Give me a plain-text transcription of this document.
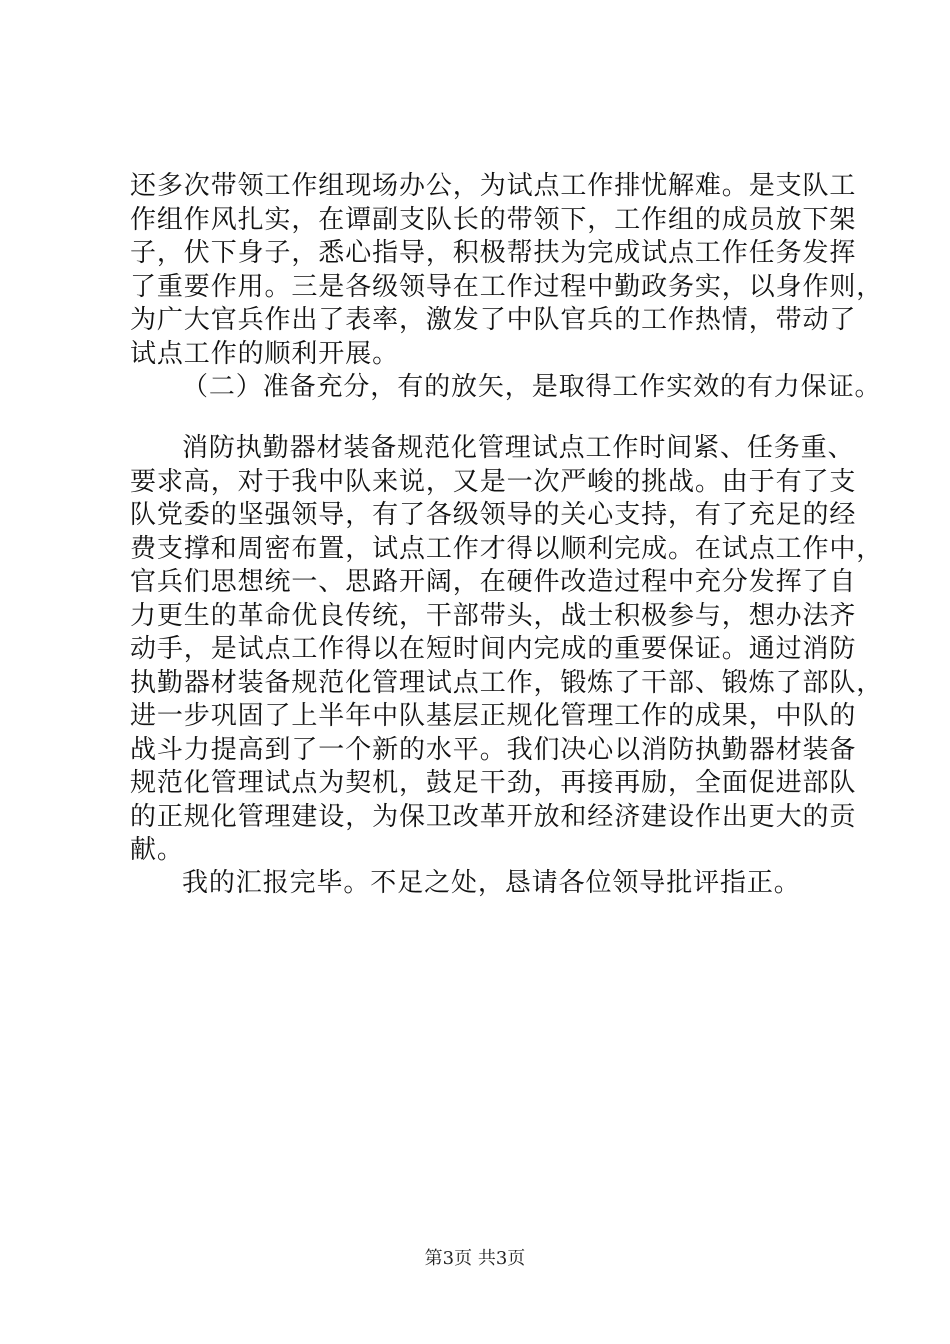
还多次带领工作组现场办公，为试点工作排忧解难。是支队工
作组作风扎实，在谭副支队长的带领下，工作组的成员放下架
子，伏下身子，悉心指导，积极帮扶为完成试点工作任务发挥
了重要作用。三是各级领导在工作过程中勤政务实，以身作则，
为广大官兵作出了表率，激发了中队官兵的工作热情，带动了
试点工作的顺利开展。
（二）准备充分，有的放矢，是取得工作实效的有力保证。
消防执勤器材装备规范化管理试点工作时间紧、任务重、
要求高，对于我中队来说，又是一次严峻的挑战。由于有了支
队党委的坚强领导，有了各级领导的关心支持，有了充足的经
费支撑和周密布置，试点工作才得以顺利完成。在试点工作中，
官兵们思想统一、思路开阔，在硬件改造过程中充分发挥了自
力更生的革命优良传统，干部带头，战士积极参与，想办法齐
动手，是试点工作得以在短时间内完成的重要保证。通过消防
执勤器材装备规范化管理试点工作，锻炼了干部、锻炼了部队，
进一步巩固了上半年中队基层正规化管理工作的成果，中队的
战斗力提高到了一个新的水平。我们决心以消防执勤器材装备
规范化管理试点为契机，鼓足干劲，再接再励，全面促进部队
的正规化管理建设，为保卫改革开放和经济建设作出更大的贡
献。
我的汇报完毕。不足之处，恳请各位领导批评指正。
第3页 共3页
